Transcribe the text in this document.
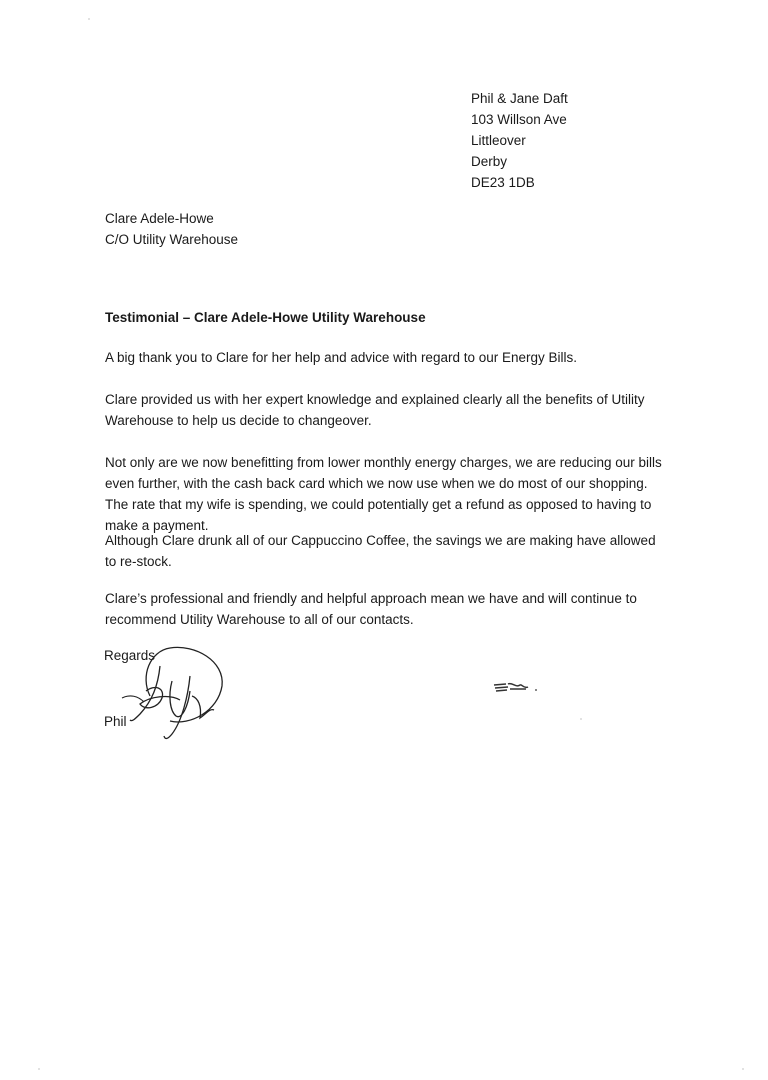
Phil & Jane Daft
103 Willson Ave
Littleover
Derby
DE23 1DB
Clare Adele-Howe
C/O Utility Warehouse
Testimonial – Clare Adele-Howe Utility Warehouse
A big thank you to Clare for her help and advice with regard to our Energy Bills.
Clare provided us with her expert knowledge and explained clearly all the benefits of Utility Warehouse to help us decide to changeover.
Not only are we now benefitting from lower monthly energy charges, we are reducing our bills even further, with the cash back card which we now use when we do most of our shopping. The rate that my wife is spending, we could potentially get a refund as opposed to having to make a payment.
Although Clare drunk all of our Cappuccino Coffee, the savings we are making have allowed to re-stock.
Clare’s professional and friendly and helpful approach mean we have and will continue to recommend Utility Warehouse to all of our contacts.
Regards
Phil
